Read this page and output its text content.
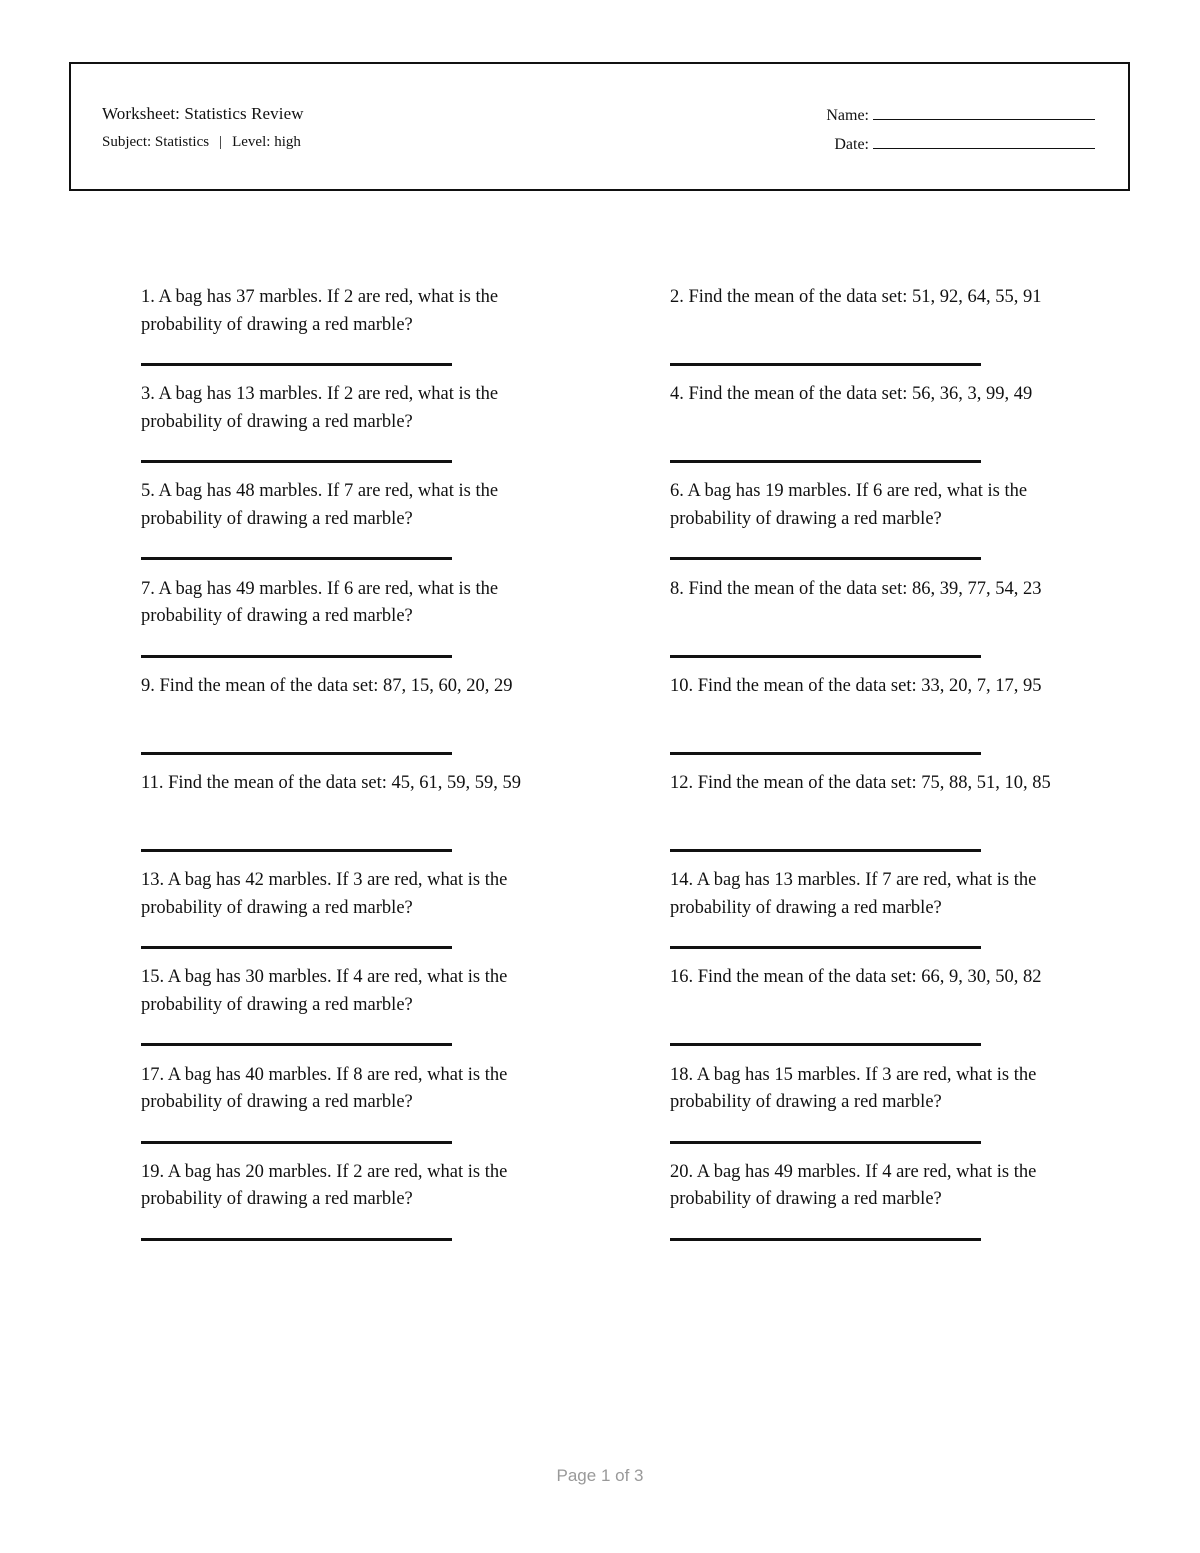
Worksheet: Statistics Review

Subject: Statistics | Level: high

Name:
Date:

1. A bag has 37 marbles. If 2 are red, what is the probability of drawing a red marble?

2. Find the mean of the data set: 51, 92, 64, 55, 91

3. A bag has 13 marbles. If 2 are red, what is the probability of drawing a red marble?

4. Find the mean of the data set: 56, 36, 3, 99, 49

5. A bag has 48 marbles. If 7 are red, what is the probability of drawing a red marble?

6. A bag has 19 marbles. If 6 are red, what is the probability of drawing a red marble?

7. A bag has 49 marbles. If 6 are red, what is the probability of drawing a red marble?

8. Find the mean of the data set: 86, 39, 77, 54, 23

9. Find the mean of the data set: 87, 15, 60, 20, 29	10. Find the mean of the data set: 33, 20, 7, 17, 95

11. Find the mean of the data set: 45, 61, 59, 59, 59	12. Find the mean of the data set: 75, 88, 51, 10, 85

13. A bag has 42 marbles. If 3 are red, what is the probability of drawing a red marble?

14. A bag has 13 marbles. If 7 are red, what is the probability of drawing a red marble?

15. A bag has 30 marbles. If 4 are red, what is the probability of drawing a red marble?

16. Find the mean of the data set: 66, 9, 30, 50, 82

17. A bag has 40 marbles. If 8 are red, what is the probability of drawing a red marble?

18. A bag has 15 marbles. If 3 are red, what is the probability of drawing a red marble?

19. A bag has 20 marbles. If 2 are red, what is the probability of drawing a red marble?

20. A bag has 49 marbles. If 4 are red, what is the probability of drawing a red marble?

Page 1 of 3
